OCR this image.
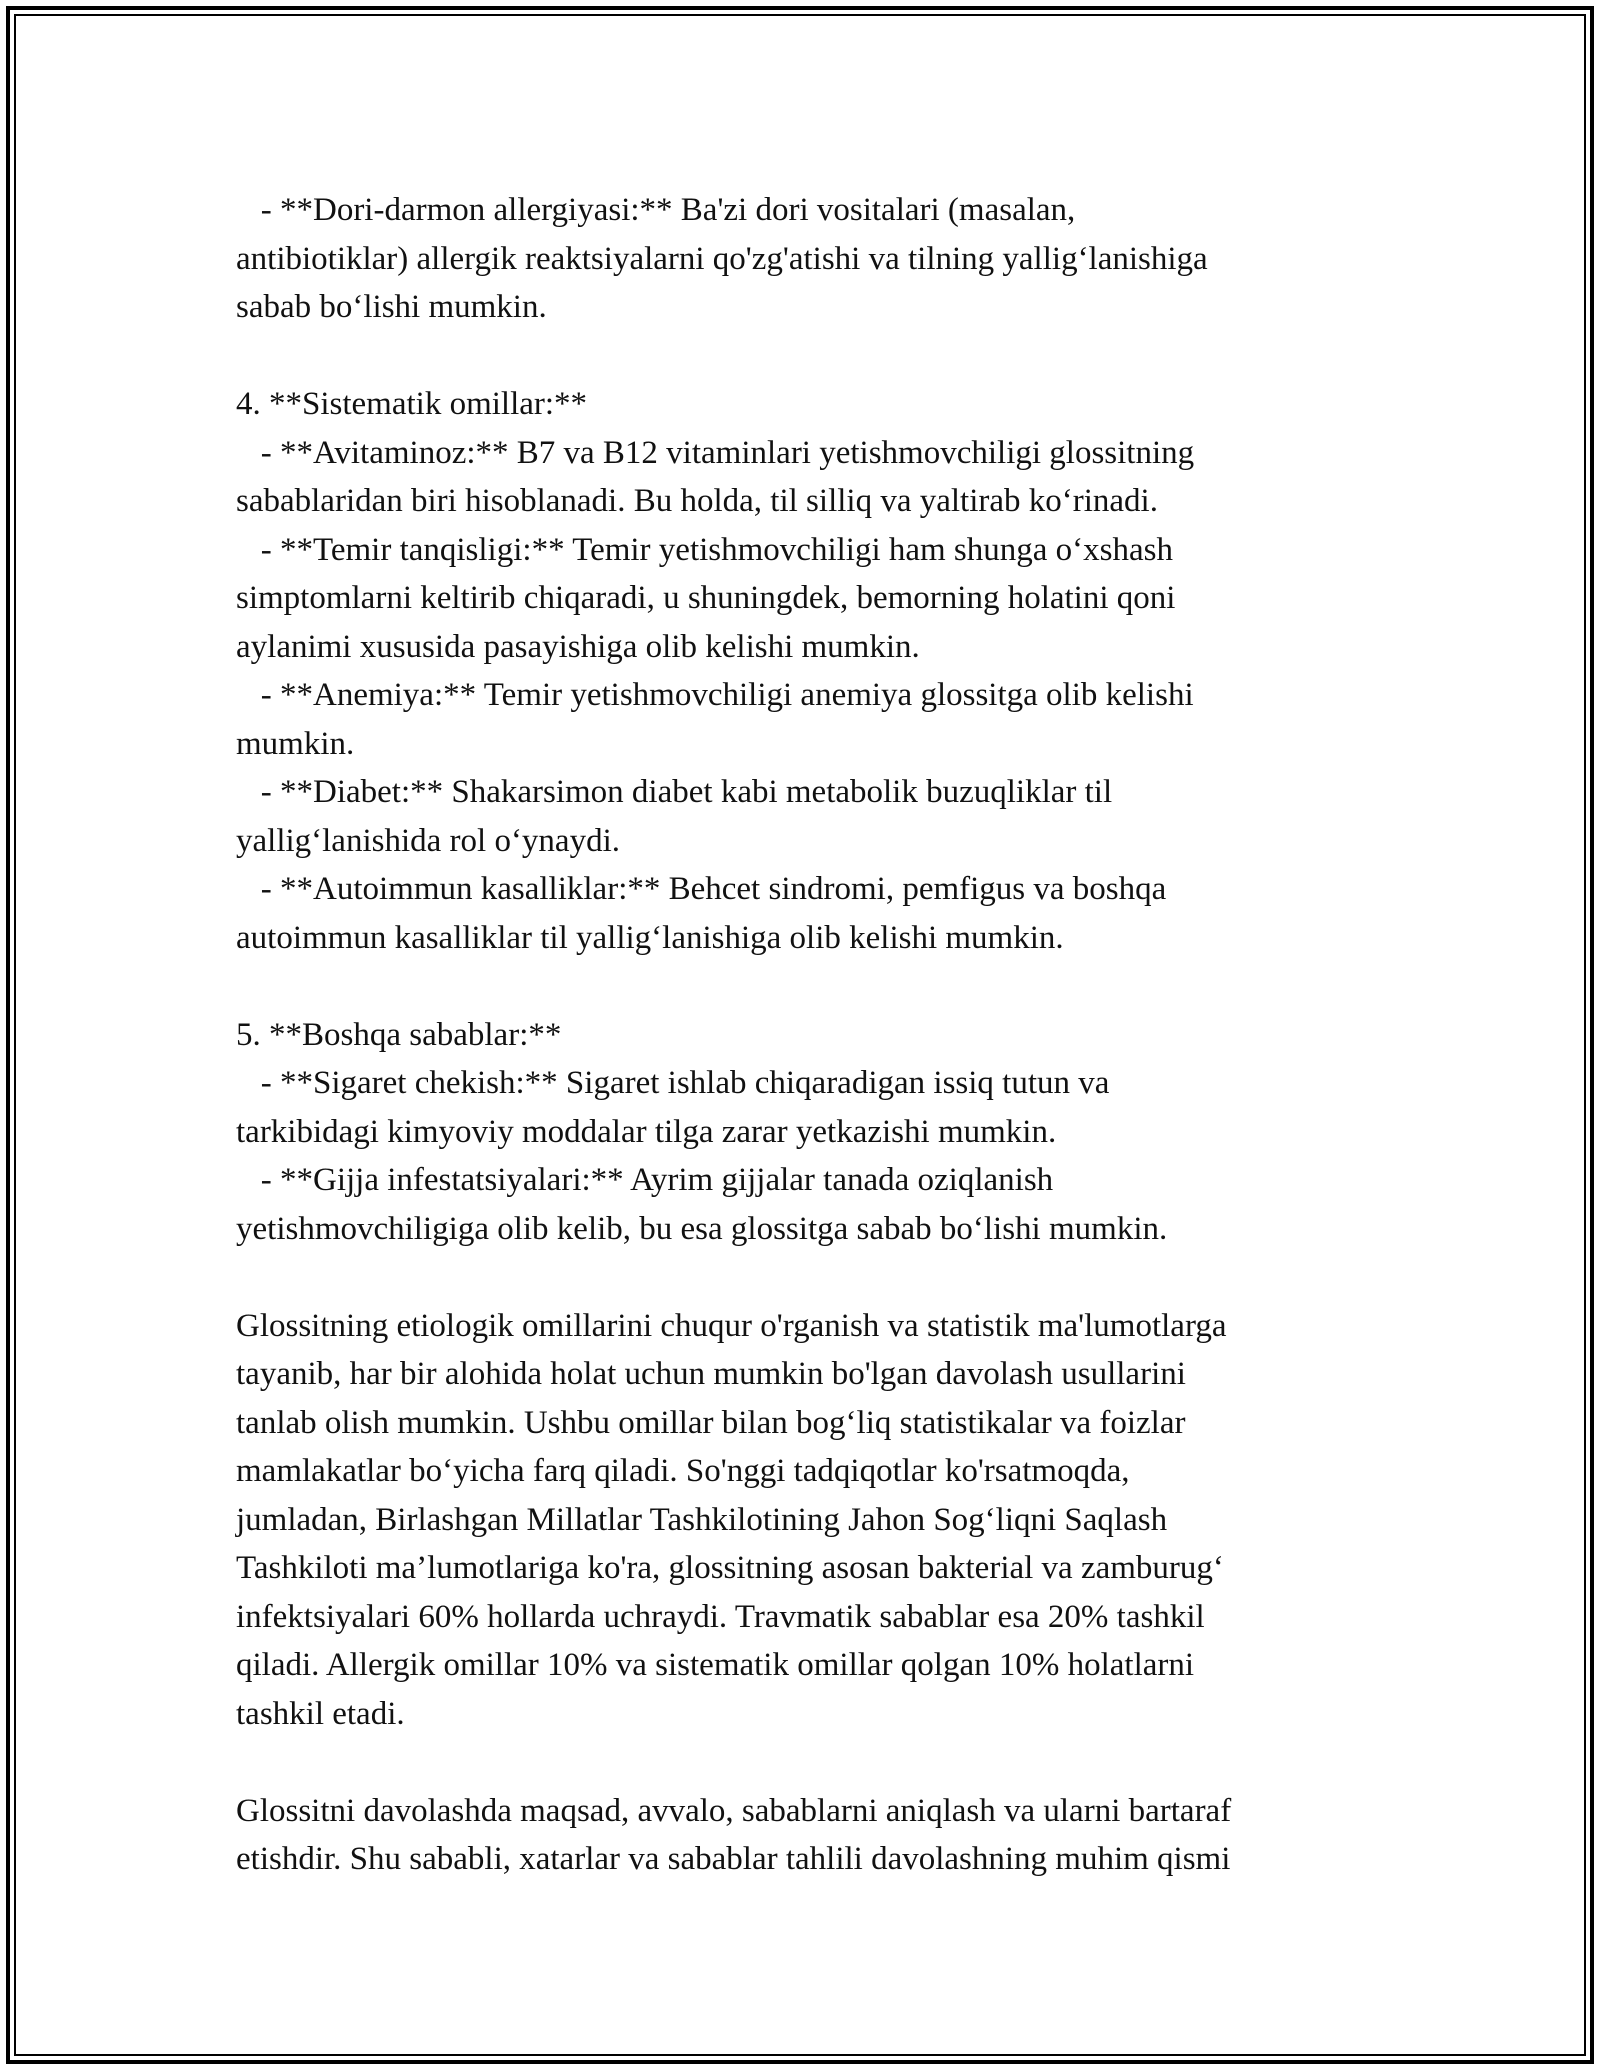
- **Dori-darmon allergiyasi:** Ba'zi dori vositalari (masalan,
antibiotiklar) allergik reaktsiyalarni qo'zg'atishi va tilning yallig‘lanishiga
sabab bo‘lishi mumkin.
4. **Sistematik omillar:**
- **Avitaminoz:** B7 va B12 vitaminlari yetishmovchiligi glossitning
sabablaridan biri hisoblanadi. Bu holda, til silliq va yaltirab ko‘rinadi.
- **Temir tanqisligi:** Temir yetishmovchiligi ham shunga o‘xshash
simptomlarni keltirib chiqaradi, u shuningdek, bemorning holatini qoni
aylanimi xususida pasayishiga olib kelishi mumkin.
- **Anemiya:** Temir yetishmovchiligi anemiya glossitga olib kelishi
mumkin.
- **Diabet:** Shakarsimon diabet kabi metabolik buzuqliklar til
yallig‘lanishida rol o‘ynaydi.
- **Autoimmun kasalliklar:** Behcet sindromi, pemfigus va boshqa
autoimmun kasalliklar til yallig‘lanishiga olib kelishi mumkin.
5. **Boshqa sabablar:**
- **Sigaret chekish:** Sigaret ishlab chiqaradigan issiq tutun va
tarkibidagi kimyoviy moddalar tilga zarar yetkazishi mumkin.
- **Gijja infestatsiyalari:** Ayrim gijjalar tanada oziqlanish
yetishmovchiligiga olib kelib, bu esa glossitga sabab bo‘lishi mumkin.
Glossitning etiologik omillarini chuqur o'rganish va statistik ma'lumotlarga
tayanib, har bir alohida holat uchun mumkin bo'lgan davolash usullarini
tanlab olish mumkin. Ushbu omillar bilan bog‘liq statistikalar va foizlar
mamlakatlar bo‘yicha farq qiladi. So'nggi tadqiqotlar ko'rsatmoqda,
jumladan, Birlashgan Millatlar Tashkilotining Jahon Sog‘liqni Saqlash
Tashkiloti ma’lumotlariga ko'ra, glossitning asosan bakterial va zamburug‘
infektsiyalari 60% hollarda uchraydi. Travmatik sabablar esa 20% tashkil
qiladi. Allergik omillar 10% va sistematik omillar qolgan 10% holatlarni
tashkil etadi.
Glossitni davolashda maqsad, avvalo, sabablarni aniqlash va ularni bartaraf
etishdir. Shu sababli, xatarlar va sabablar tahlili davolashning muhim qismi
